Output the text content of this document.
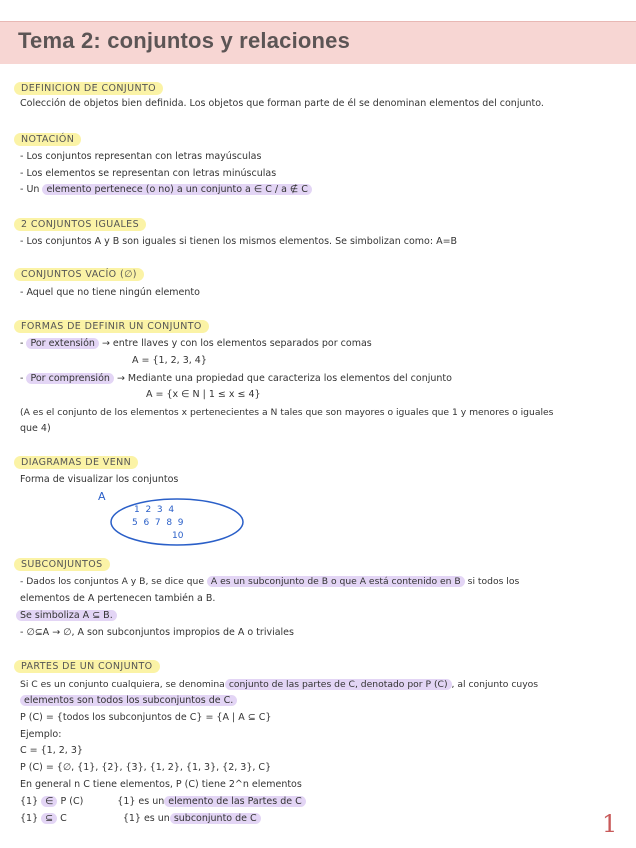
Tema 2: conjuntos y relaciones
DEFINICION DE CONJUNTO
Colección de objetos bien definida. Los objetos que forman parte de él se denominan elementos del conjunto.
NOTACIÓN
- Los conjuntos representan con letras mayúsculas
- Los elementos se representan con letras minúsculas
- Un elemento pertenece (o no) a un conjunto a ∈ C / a ∉ C
2 CONJUNTOS IGUALES
- Los conjuntos A y B son iguales si tienen los mismos elementos. Se simbolizan como: A=B
CONJUNTOS VACÍO (∅)
- Aquel que no tiene ningún elemento
FORMAS DE DEFINIR UN CONJUNTO
- Por extensión → entre llaves y con los elementos separados por comas
A = {1, 2, 3, 4}
- Por comprensión → Mediante una propiedad que caracteriza los elementos del conjunto
A = {x ∈ N | 1 ≤ x ≤ 4}
(A es el conjunto de los elementos x pertenecientes a N tales que son mayores o iguales que 1 y menores o iguales
que 4)
DIAGRAMAS DE VENN
Forma de visualizar los conjuntos
A
1  2  3  4
5  6  7  8  9
10
SUBCONJUNTOS
- Dados los conjuntos A y B, se dice que A es un subconjunto de B o que A está contenido en B si todos los
elementos de A pertenecen también a B.
Se simboliza A ⊆ B.
- ∅⊆A → ∅, A son subconjuntos impropios de A o triviales
PARTES DE UN CONJUNTO
Si C es un conjunto cualquiera, se denomina conjunto de las partes de C, denotado por P (C) , al conjunto cuyos
elementos son todos los subconjuntos de C.
P (C) = {todos los subconjuntos de C} = {A | A ⊆ C}
Ejemplo:
C = {1, 2, 3}
P (C) = {∅, {1}, {2}, {3}, {1, 2}, {1, 3}, {2, 3}, C}
En general n C tiene elementos, P (C) tiene 2^n elementos
{1} ∈ P (C)	{1} es un elemento de las Partes de C
{1} ⊆ C	{1} es un subconjunto de C	1
